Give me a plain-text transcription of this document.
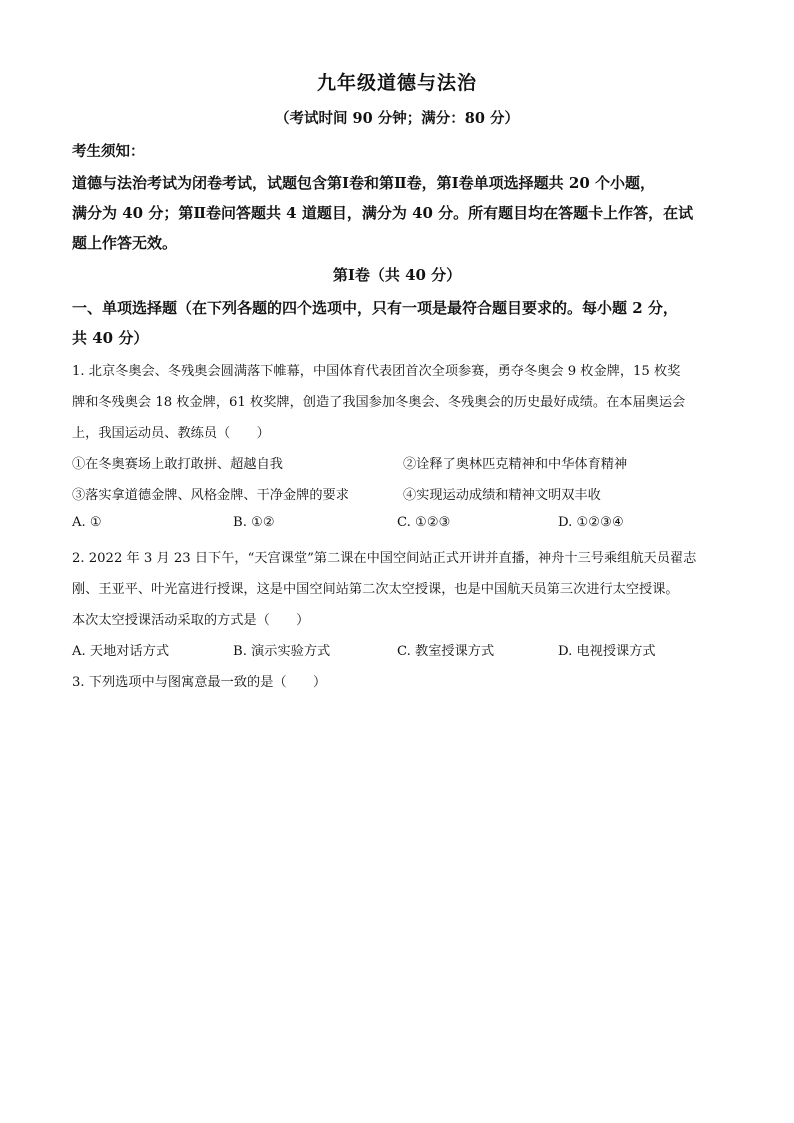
九年级道德与法治
（考试时间 90 分钟；满分：80 分）
考生须知：
道德与法治考试为闭卷考试，试题包含第Ⅰ卷和第Ⅱ卷，第Ⅰ卷单项选择题共 20 个小题，
满分为 40 分；第Ⅱ卷问答题共 4 道题目，满分为 40 分。所有题目均在答题卡上作答，在试
题上作答无效。
第Ⅰ卷（共 40 分）
一、单项选择题（在下列各题的四个选项中，只有一项是最符合题目要求的。每小题 2 分，
共 40 分）
1. 北京冬奥会、冬残奥会圆满落下帷幕，中国体育代表团首次全项参赛，勇夺冬奥会 9 枚金牌，15 枚奖
牌和冬残奥会 18 枚金牌，61 枚奖牌，创造了我国参加冬奥会、冬残奥会的历史最好成绩。在本届奥运会
上，我国运动员、教练员（　　）
①在冬奥赛场上敢打敢拼、超越自我	②诠释了奥林匹克精神和中华体育精神
③落实拿道德金牌、风格金牌、干净金牌的要求	④实现运动成绩和精神文明双丰收
A. ①	B. ①②	C. ①②③	D. ①②③④
2. 2022 年 3 月 23 日下午，“天宫课堂”第二课在中国空间站正式开讲并直播，神舟十三号乘组航天员翟志
刚、王亚平、叶光富进行授课，这是中国空间站第二次太空授课，也是中国航天员第三次进行太空授课。
本次太空授课活动采取的方式是（　　）
A. 天地对话方式	B. 演示实验方式	C. 教室授课方式	D. 电视授课方式
3. 下列选项中与图寓意最一致的是（　　）
